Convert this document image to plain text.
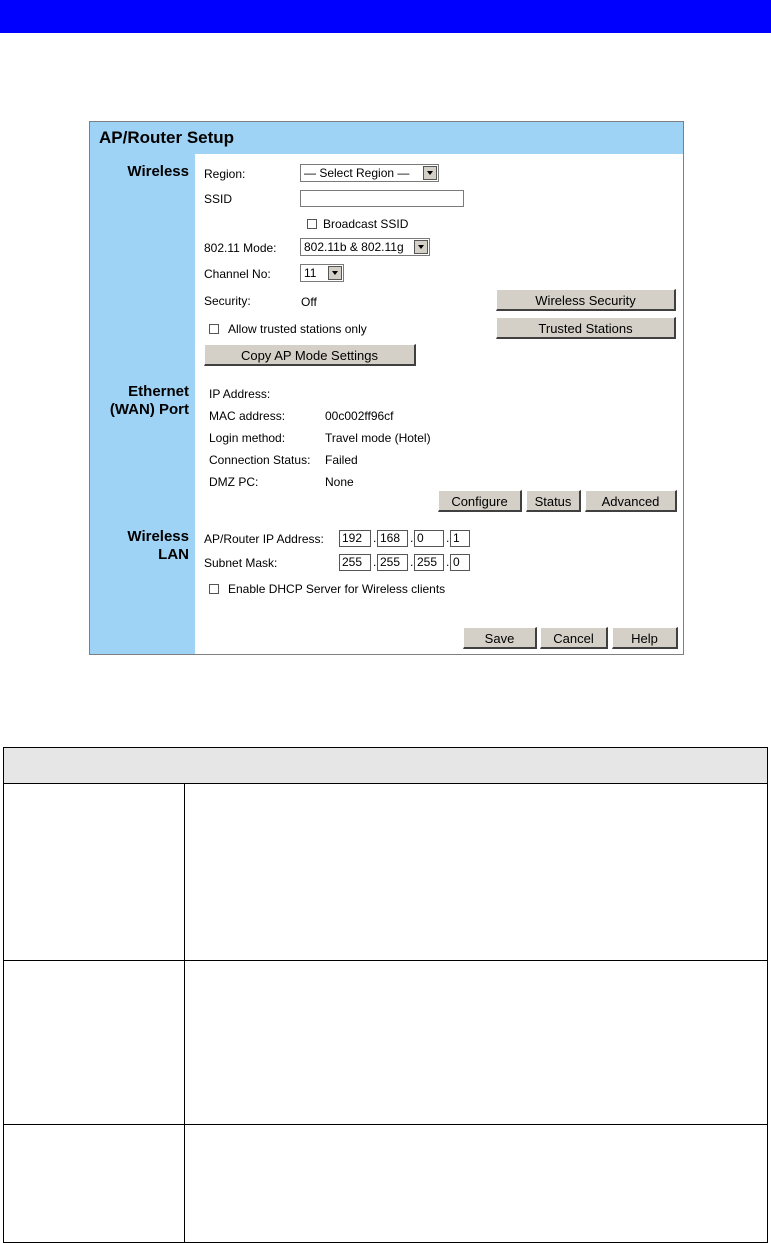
AP/Router Setup
Wireless
Ethernet
(WAN) Port
Wireless
LAN
Region:	— Select Region —
SSID
Broadcast SSID
802.11 Mode:	802.11b & 802.11g
Channel No:	11
Security:	Off	Wireless Security
Allow trusted stations only	Trusted Stations
Copy AP Mode Settings
IP Address:
MAC address:	00c002ff96cf
Login method:	Travel mode (Hotel)
Connection Status: Failed
DMZ PC:	None
Configure	Status	Advanced
AP/Router IP Address: 192 . 168 . 0	. 1
Subnet Mask:	255 . 255 . 255 . 0
Enable DHCP Server for Wireless clients
Save	Cancel	Help
